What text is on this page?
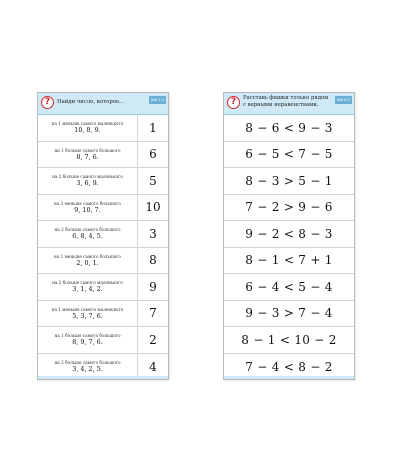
?	Найди число, которое...	МФ.2.5
на 1 меньше самого маленького
10, 8, 9.	1
на 1 больше самого большого
8, 7, 6.	6
на 2 больше самого маленького
3, 6, 9.	5
на 3 меньше самого большого
9, 10, 7.	10
на 2 больше самого большого
6, 8, 4, 5.	3
на 1 меньше самого большого
2, 0, 1.	8
на 2 больше самого маленького
3, 1, 4, 2.	9
на 1 меньше самого маленького
5, 3, 7, 6.	7
на 1 больше самого большого
8, 9, 7, 6.	2
на 2 больше самого большого
3, 4, 2, 5.	4
?	Расставь фишки только рядом с верными неравенствами.
МФ.6.С
8 − 6 < 9 − 3
6 − 5 < 7 − 5
8 − 3 > 5 − 1
7 − 2 > 9 − 6
9 − 2 < 8 − 3
8 − 1 < 7 + 1
6 − 4 < 5 − 4
9 − 3 > 7 − 4
8 − 1 < 10 − 2
7 − 4 < 8 − 2
